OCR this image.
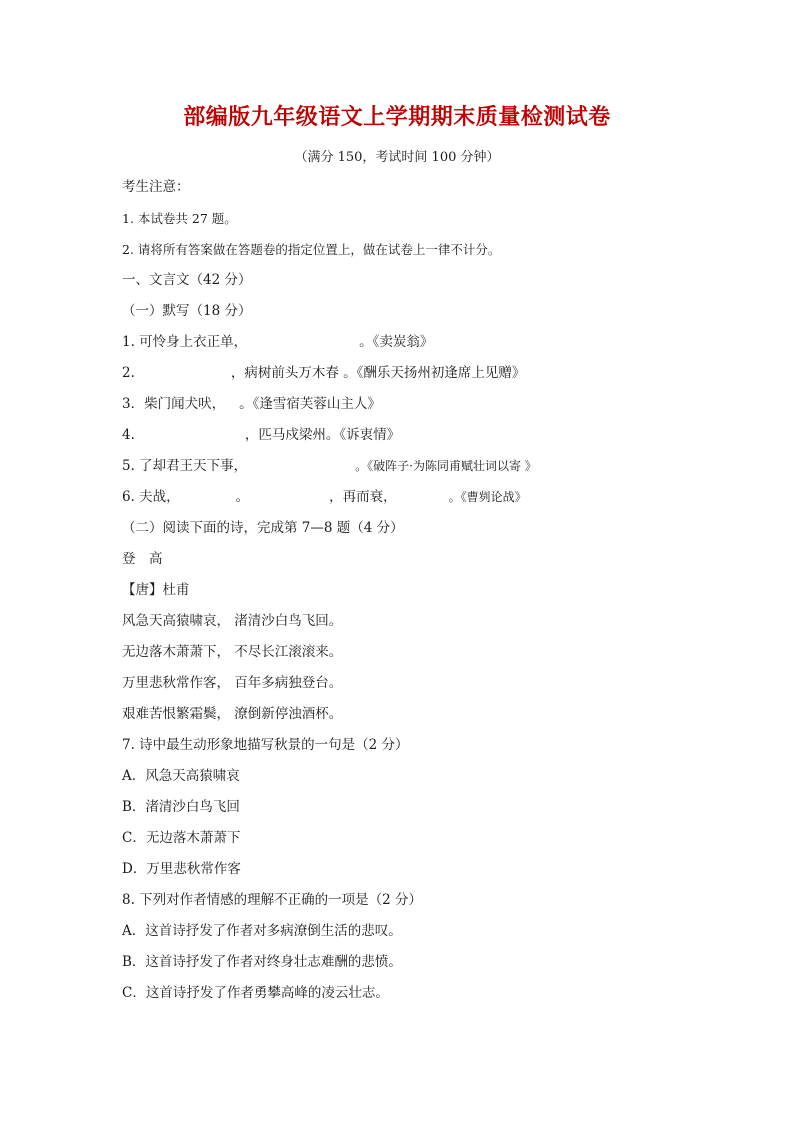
部编版九年级语文上学期期末质量检测试卷
（满分 150，考试时间 100 分钟）
考生注意：
1. 本试卷共 27 题。
2. 请将所有答案做在答题卷的指定位置上，做在试卷上一律不计分。
一、文言文（42 分）
（一）默写（18 分）
1. 可怜身上衣正单，	。《卖炭翁》
2.	，病树前头万木春 。《酬乐天扬州初逢席上见赠》
3．柴门闻犬吠， 。《逢雪宿芙蓉山主人》
4.	，匹马戍梁州。《诉衷情》
5. 了却君王天下事，	。《破阵子·为陈同甫赋壮词以寄 》
6. 夫战，	。	，再而衰，	。《曹刿论战》
（二）阅读下面的诗，完成第 7—8 题（4 分）
登　高
【唐】杜甫
风急天高猿啸哀， 渚清沙白鸟飞回。
无边落木萧萧下， 不尽长江滚滚来。
万里悲秋常作客， 百年多病独登台。
艰难苦恨繁霜鬓， 潦倒新停浊酒杯。
7. 诗中最生动形象地描写秋景的一句是（2 分）
A．风急天高猿啸哀
B．渚清沙白鸟飞回
C．无边落木萧萧下
D．万里悲秋常作客
8. 下列对作者情感的理解不正确的一项是（2 分）
A．这首诗抒发了作者对多病潦倒生活的悲叹。
B．这首诗抒发了作者对终身壮志难酬的悲愤。
C．这首诗抒发了作者勇攀高峰的凌云壮志。
